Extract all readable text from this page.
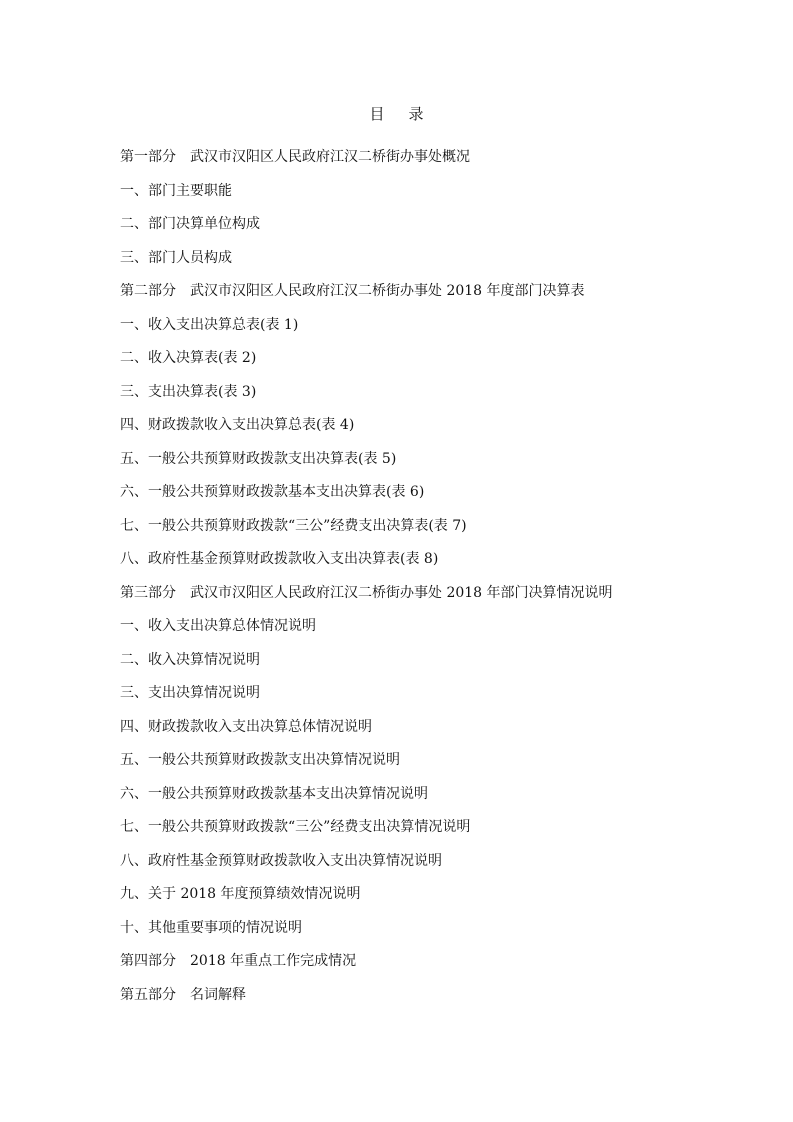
目录
第一部分　武汉市汉阳区人民政府江汉二桥街办事处概况
一、部门主要职能
二、部门决算单位构成
三、部门人员构成
第二部分　武汉市汉阳区人民政府江汉二桥街办事处 2018 年度部门决算表
一、收入支出决算总表(表 1)
二、收入决算表(表 2)
三、支出决算表(表 3)
四、财政拨款收入支出决算总表(表 4)
五、一般公共预算财政拨款支出决算表(表 5)
六、一般公共预算财政拨款基本支出决算表(表 6)
七、一般公共预算财政拨款“三公”经费支出决算表(表 7)
八、政府性基金预算财政拨款收入支出决算表(表 8)
第三部分　武汉市汉阳区人民政府江汉二桥街办事处 2018 年部门决算情况说明
一、收入支出决算总体情况说明
二、收入决算情况说明
三、支出决算情况说明
四、财政拨款收入支出决算总体情况说明
五、一般公共预算财政拨款支出决算情况说明
六、一般公共预算财政拨款基本支出决算情况说明
七、一般公共预算财政拨款“三公”经费支出决算情况说明
八、政府性基金预算财政拨款收入支出决算情况说明
九、关于 2018 年度预算绩效情况说明
十、其他重要事项的情况说明
第四部分　2018 年重点工作完成情况
第五部分　名词解释
